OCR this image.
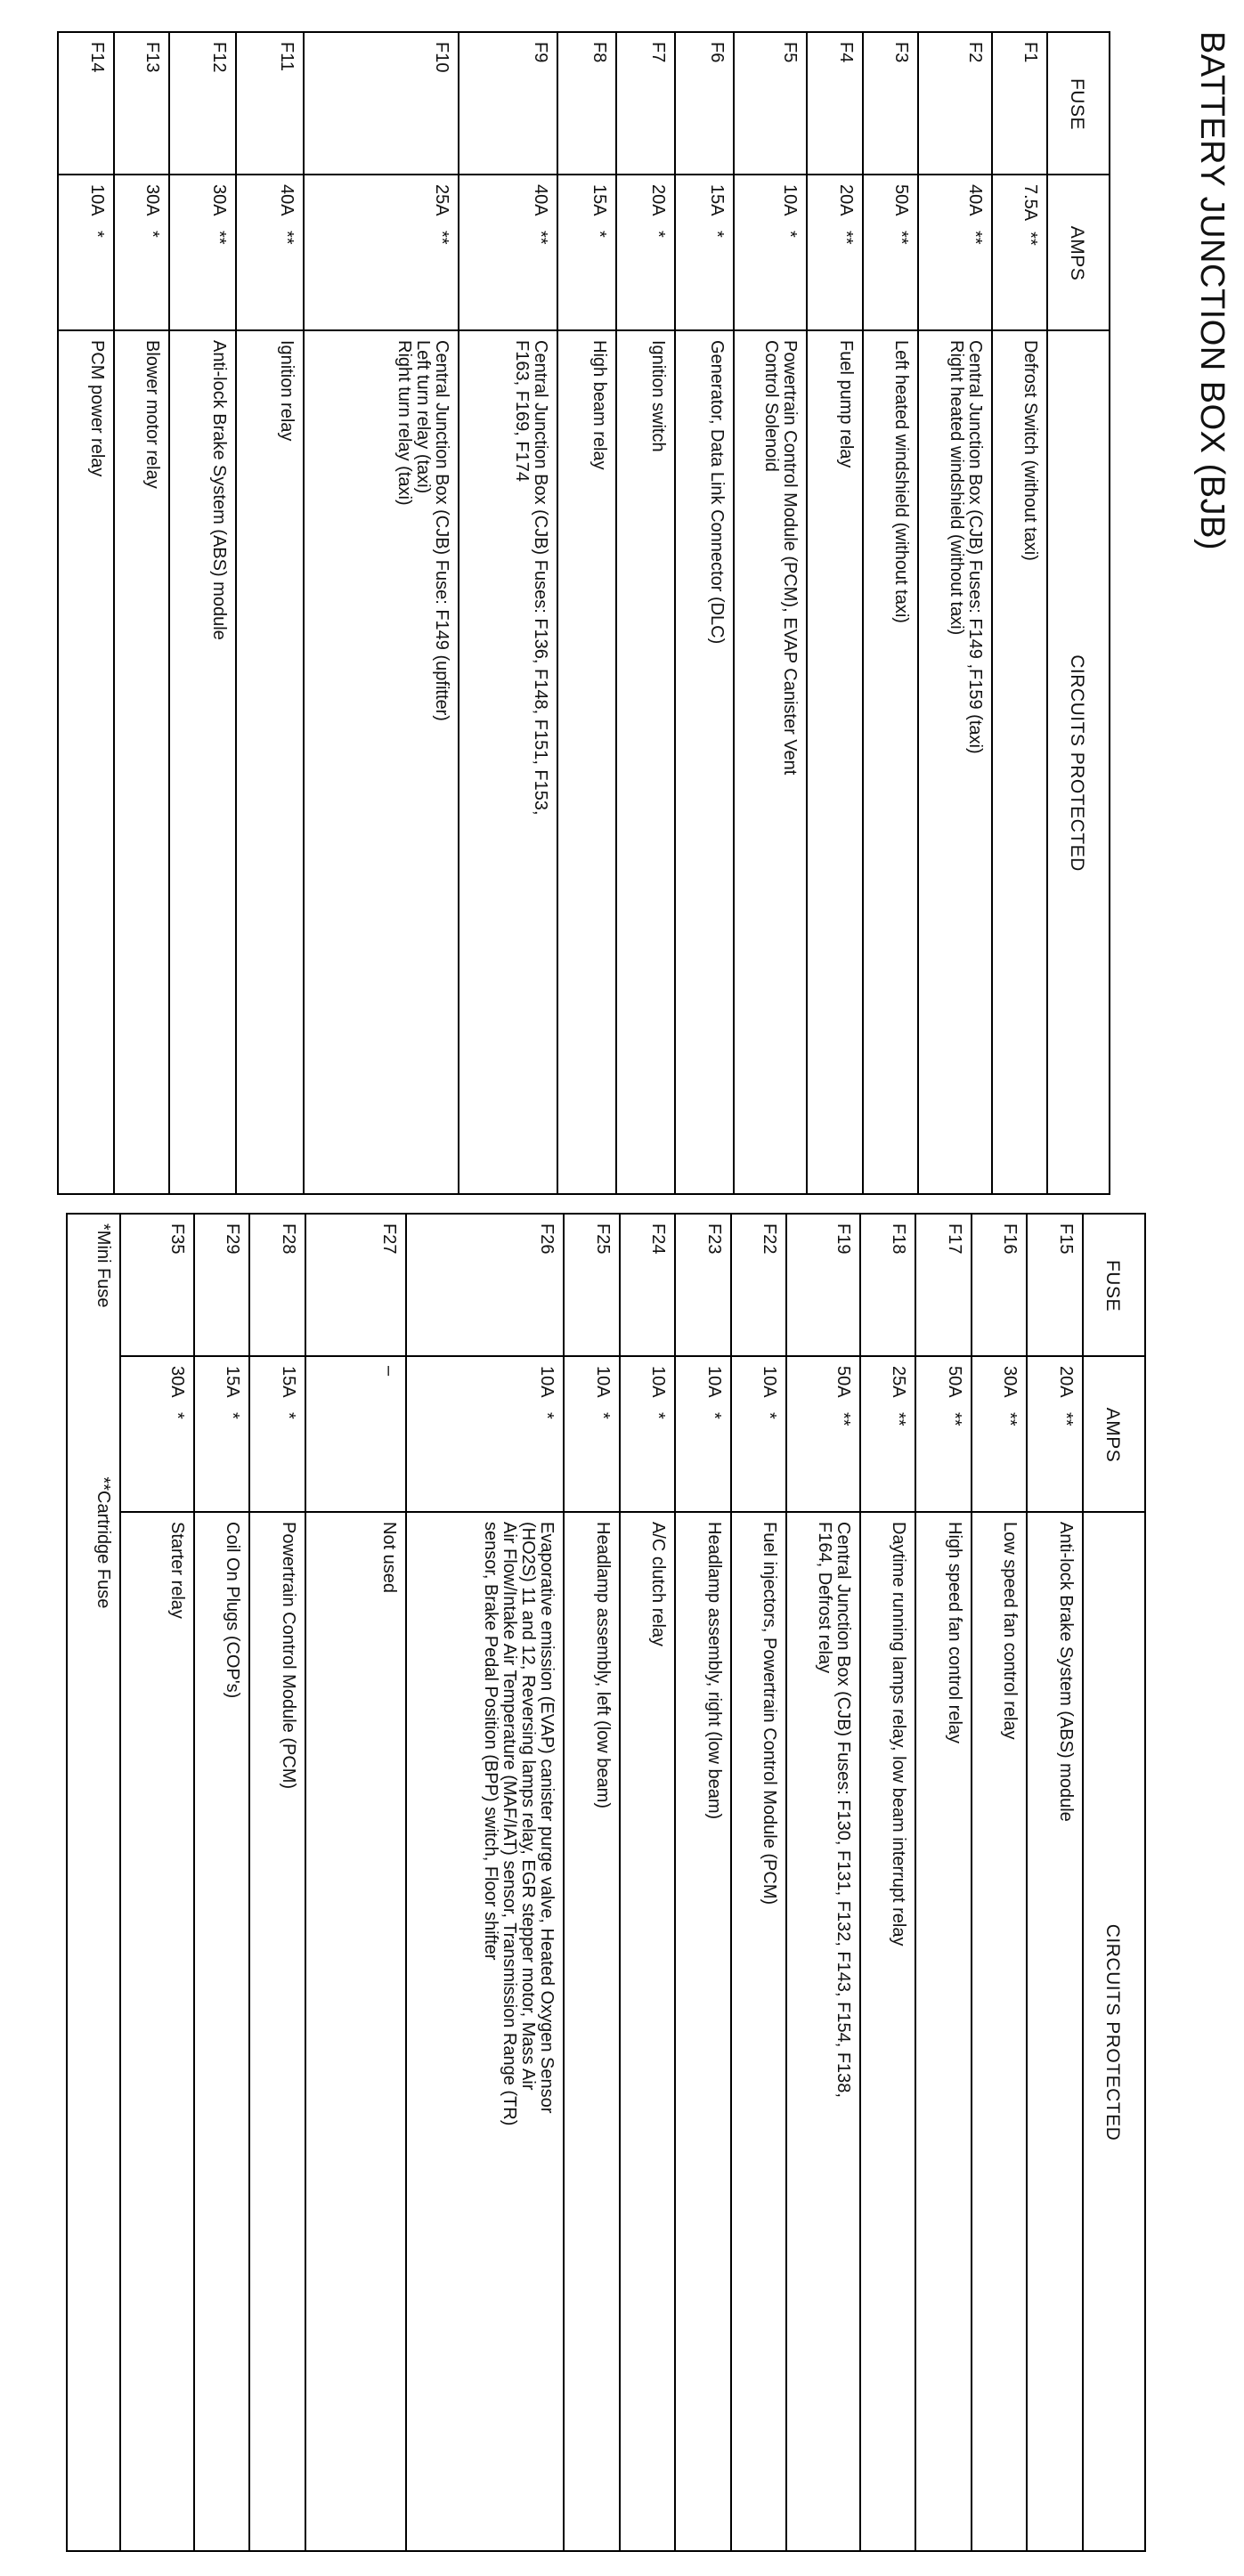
BATTERY JUNCTION BOX (BJB)
FUSE	AMPS	CIRCUITS PROTECTED
F1	7.5A**	Defrost Switch (without taxi)

F2	40A**	Central Junction Box (CJB) Fuses: F149 ,F159 (taxi)
Right heated windshield (without taxi)

F3	50A**	Left heated windshield (without taxi)

F4	20A**	Fuel pump relay

F5	10A*	Powertrain Control Module (PCM), EVAP Canister Vent
Control Solenoid

F6	15A*	Generator, Data Link Connector (DLC)

F7	20A*	Ignition switch

F8	15A*	High beam relay

F9	40A**	Central Junction Box (CJB) Fuses: F136, F148, F151, F153,
F163, F169, F174

F10	25A**	Central Junction Box (CJB) Fuse: F149 (upfitter)
Left turn relay (taxi)
Right turn relay (taxi)

F11	40A**	Ignition relay

F12	30A**	Anti-lock Brake System (ABS) module

F13	30A*	Blower motor relay

F14	10A*	PCM power relay
FUSE	AMPS	CIRCUITS PROTECTED
F15	20A**	Anti-lock Brake System (ABS) module

F16	30A**	Low speed fan control relay

F17	50A**	High speed fan control relay

F18	25A**	Daytime running lamps relay, low beam interrupt relay

F19	50A**	Central Junction Box (CJB) Fuses: F130, F131, F132, F143, F154, F138,
F164, Defrost relay

F22	10A*	Fuel injectors, Powertrain Control Module (PCM)

F23	10A*	Headlamp assembly, right (low beam)

F24	10A*	A/C clutch relay

F25	10A*	Headlamp assembly, left (low beam)

F26	10A*	Evaporative emission (EVAP) canister purge valve, Heated Oxygen Sensor
(HO2S) 11 and 12, Reversing lamps relay, EGR stepper motor, Mass Air
Air Flow/Intake Air Temperature (MAF/IAT) sensor, Transmission Range (TR)
sensor, Brake Pedal Position (BPP) switch, Floor shifter

F27	–	Not used

F28	15A*	Powertrain Control Module (PCM)

F29	15A*	Coil On Plugs (COP's)

F35	30A*	Starter relay

*Mini Fuse**Cartridge Fuse		
